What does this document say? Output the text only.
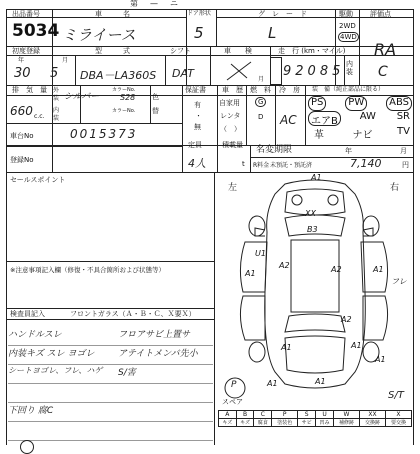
第　—　ニ　　　　　　　　　　　　　　　
出品番号
5034
車　　　名
ミライース
ドア形状
5
グ　レ　ー　ド
L
駆動
2WD
4WD
評価点
RA
初度登録
年	月
30 5
型　　　式
DBA－LA360S
シフト
DAT
車　　検
月
走　行 (km・マイル)
92085 内装 C
排　気　量
660 c.c.
外装
内装
シルバー
カラーNo.
S28
カラーNo.
色
替
保証書
有
・
無
車　歴
自家用
レンタ
（　）
燃　料
G
D
冷　房
AC
装　備（純正部品に限る）
PS	PW	ABS
エアB	AW SR
革	ナビ TV
車台No	0015373
登録No
定員
4人
積載量
t
名変期限	年	月
R料金 未預託・預託済	7,140	円
セールスポイント
※注意事項記入欄（修復・不具合箇所および状態等）
検査員記入	フロントガラス（Ａ・Ｂ・Ｃ、Ｘ要Ｘ）
ハンドルスレ	フロアサビ上置サ
内装キズ スレ ヨゴレ	アテイトメンバ先小
シートヨゴレ、フレ、ハゲ	S/害
下回り 腐C
左	右
A1
XX
B3
A1	A1
U1
フレ
A2	A2
A2
A1
A1
A1
A1
A1
スペア
P
S/T
A	B	C	P	S	U	W	XX	X
キズ	キズ	腐食	塗装色	サビ	凹み	補修跡	交換跡	要交換
